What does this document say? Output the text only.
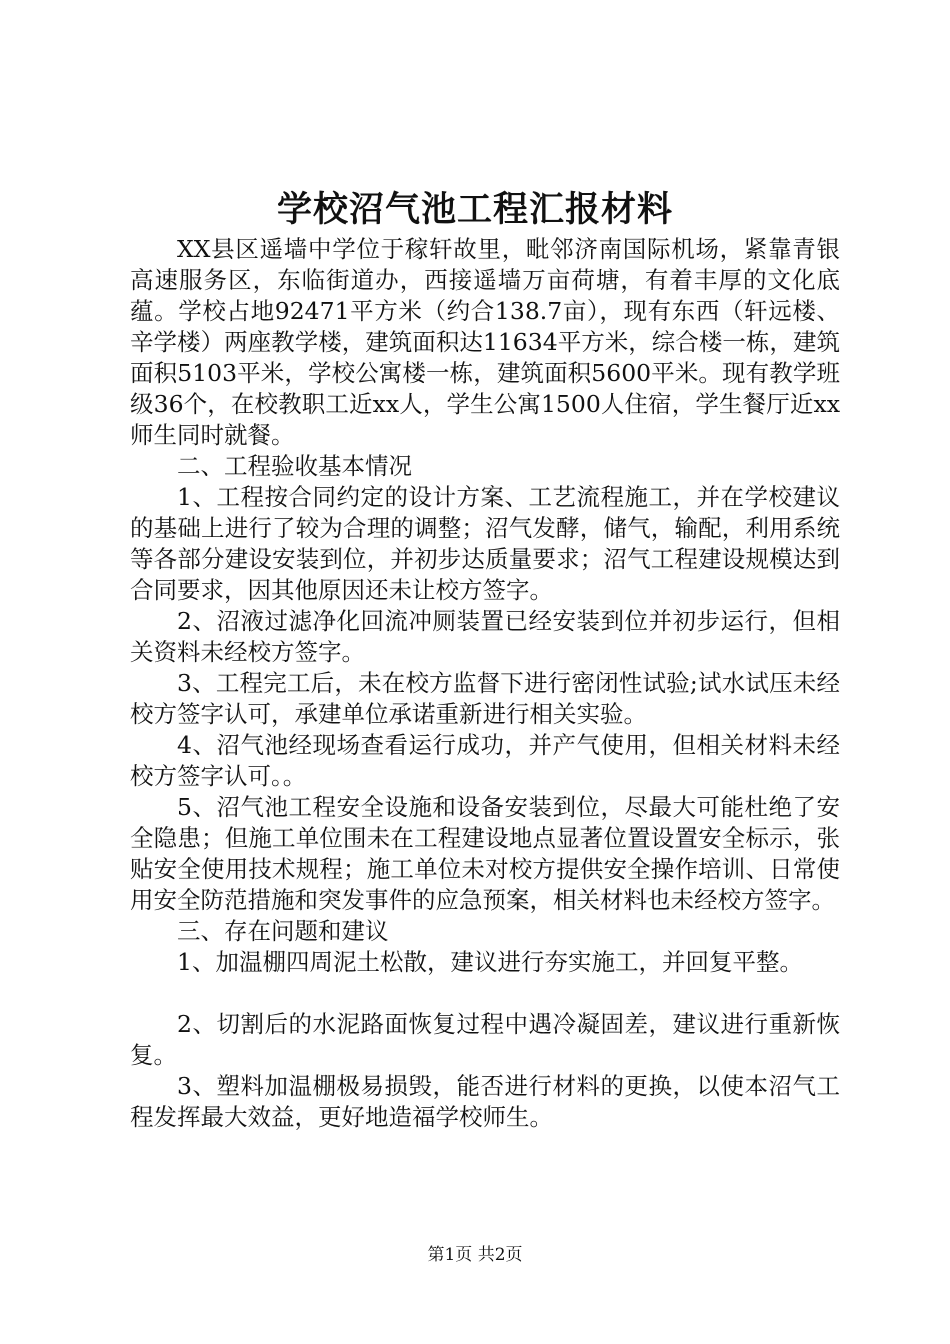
学校沼气池工程汇报材料

XX县区遥墙中学位于稼轩故里，毗邻济南国际机场，紧靠青银高速服务区，东临街道办，西接遥墙万亩荷塘，有着丰厚的文化底蕴。学校占地92471平方米（约合138.7亩），现有东西（轩远楼、辛学楼）两座教学楼，建筑面积达11634平方米，综合楼一栋，建筑面积5103平米，学校公寓楼一栋，建筑面积5600平米。现有教学班级36个，在校教职工近xx人，学生公寓1500人住宿，学生餐厅近xx师生同时就餐。

二、工程验收基本情况

1、工程按合同约定的设计方案、工艺流程施工，并在学校建议的基础上进行了较为合理的调整；沼气发酵，储气，输配，利用系统等各部分建设安装到位，并初步达质量要求；沼气工程建设规模达到合同要求，因其他原因还未让校方签字。

2、沼液过滤净化回流冲厕装置已经安装到位并初步运行，但相关资料未经校方签字。

3、工程完工后，未在校方监督下进行密闭性试验;试水试压未经校方签字认可，承建单位承诺重新进行相关实验。

4、沼气池经现场查看运行成功，并产气使用，但相关材料未经校方签字认可。。

5、沼气池工程安全设施和设备安装到位，尽最大可能杜绝了安全隐患；但施工单位围未在工程建设地点显著位置设置安全标示，张贴安全使用技术规程；施工单位未对校方提供安全操作培训、日常使用安全防范措施和突发事件的应急预案，相关材料也未经校方签字。

三、存在问题和建议

1、加温棚四周泥土松散，建议进行夯实施工，并回复平整。

2、切割后的水泥路面恢复过程中遇冷凝固差，建议进行重新恢复。

3、塑料加温棚极易损毁，能否进行材料的更换，以使本沼气工程发挥最大效益，更好地造福学校师生。

第1页 共2页
